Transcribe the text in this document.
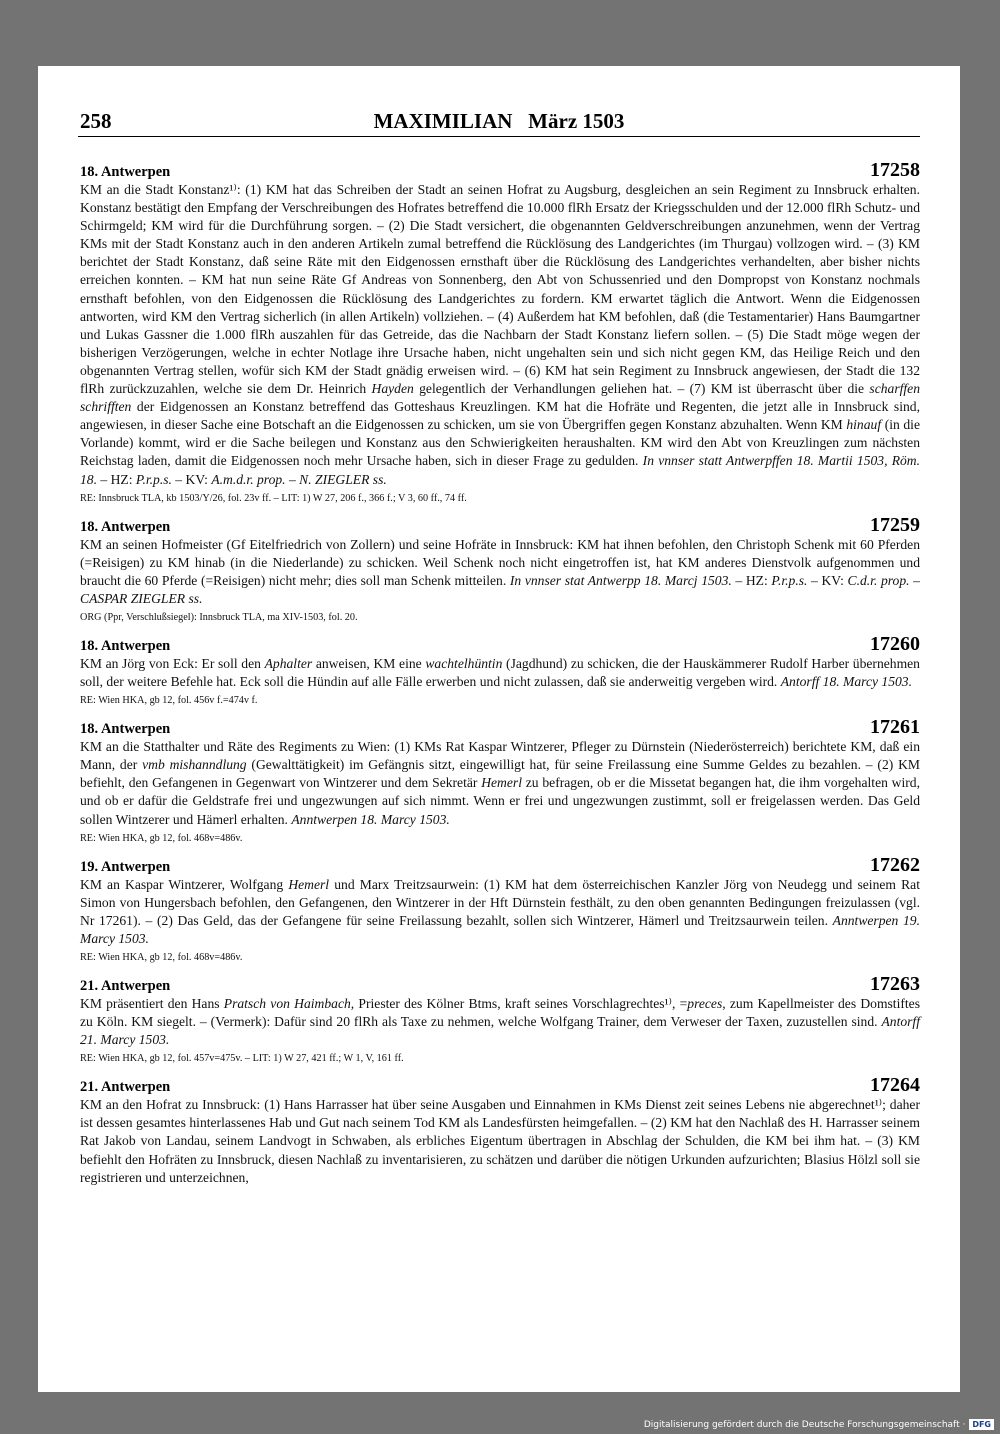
258	MAXIMILIAN   März 1503
18. Antwerpen	17258
KM an die Stadt Konstanz¹⁾: (1) KM hat das Schreiben der Stadt an seinen Hofrat zu Augsburg, desgleichen an sein Regiment zu Innsbruck erhalten. Konstanz bestätigt den Empfang der Verschreibungen des Hofrates betreffend die 10.000 flRh Ersatz der Kriegsschulden und der 12.000 flRh Schutz- und Schirmgeld; KM wird für die Durchführung sorgen. – (2) Die Stadt versichert, die obgenannten Geldverschreibungen anzunehmen, wenn der Vertrag KMs mit der Stadt Konstanz auch in den anderen Artikeln zumal betreffend die Rücklösung des Landgerichtes (im Thurgau) vollzogen wird. – (3) KM berichtet der Stadt Konstanz, daß seine Räte mit den Eidgenossen ernsthaft über die Rücklösung des Landgerichtes verhandelten, aber bisher nichts erreichen konnten. – KM hat nun seine Räte Gf Andreas von Sonnenberg, den Abt von Schussenried und den Dompropst von Konstanz nochmals ernsthaft befohlen, von den Eidgenossen die Rücklösung des Landgerichtes zu fordern. KM erwartet täglich die Antwort. Wenn die Eidgenossen antworten, wird KM den Vertrag sicherlich (in allen Artikeln) vollziehen. – (4) Außerdem hat KM befohlen, daß (die Testamentarier) Hans Baumgartner und Lukas Gassner die 1.000 flRh auszahlen für das Getreide, das die Nachbarn der Stadt Konstanz liefern sollen. – (5) Die Stadt möge wegen der bisherigen Verzögerungen, welche in echter Notlage ihre Ursache haben, nicht ungehalten sein und sich nicht gegen KM, das Heilige Reich und den obgenannten Vertrag stellen, wofür sich KM der Stadt gnädig erweisen wird. – (6) KM hat sein Regiment zu Innsbruck angewiesen, der Stadt die 132 flRh zurückzuzahlen, welche sie dem Dr. Heinrich Hayden gelegentlich der Verhandlungen geliehen hat. – (7) KM ist überrascht über die scharffen schrifften der Eidgenossen an Konstanz betreffend das Gotteshaus Kreuzlingen. KM hat die Hofräte und Regenten, die jetzt alle in Innsbruck sind, angewiesen, in dieser Sache eine Botschaft an die Eidgenossen zu schicken, um sie von Übergriffen gegen Konstanz abzuhalten. Wenn KM hinauf (in die Vorlande) kommt, wird er die Sache beilegen und Konstanz aus den Schwierigkeiten heraushalten. KM wird den Abt von Kreuzlingen zum nächsten Reichstag laden, damit die Eidgenossen noch mehr Ursache haben, sich in dieser Frage zu gedulden. In vnnser statt Antwerpffen 18. Martii 1503, Röm. 18. – HZ: P.r.p.s. – KV: A.m.d.r. prop. – N. ZIEGLER ss.
RE: Innsbruck TLA, kb 1503/Y/26, fol. 23v ff. – LIT: 1) W 27, 206 f., 366 f.; V 3, 60 ff., 74 ff.
18. Antwerpen	17259
KM an seinen Hofmeister (Gf Eitelfriedrich von Zollern) und seine Hofräte in Innsbruck: KM hat ihnen befohlen, den Christoph Schenk mit 60 Pferden (=Reisigen) zu KM hinab (in die Niederlande) zu schicken. Weil Schenk noch nicht eingetroffen ist, hat KM anderes Dienstvolk aufgenommen und braucht die 60 Pferde (=Reisigen) nicht mehr; dies soll man Schenk mitteilen. In vnnser stat Antwerpp 18. Marcj 1503. – HZ: P.r.p.s. – KV: C.d.r. prop. – CASPAR ZIEGLER ss.
ORG (Ppr, Verschlußsiegel): Innsbruck TLA, ma XIV-1503, fol. 20.
18. Antwerpen	17260
KM an Jörg von Eck: Er soll den Aphalter anweisen, KM eine wachtelhüntin (Jagdhund) zu schicken, die der Hauskämmerer Rudolf Harber übernehmen soll, der weitere Befehle hat. Eck soll die Hündin auf alle Fälle erwerben und nicht zulassen, daß sie anderweitig vergeben wird. Antorff 18. Marcy 1503.
RE: Wien HKA, gb 12, fol. 456v f.=474v f.
18. Antwerpen	17261
KM an die Statthalter und Räte des Regiments zu Wien: (1) KMs Rat Kaspar Wintzerer, Pfleger zu Dürnstein (Niederösterreich) berichtete KM, daß ein Mann, der vmb mishanndlung (Gewalttätigkeit) im Gefängnis sitzt, eingewilligt hat, für seine Freilassung eine Summe Geldes zu bezahlen. – (2) KM befiehlt, den Gefangenen in Gegenwart von Wintzerer und dem Sekretär Hemerl zu befragen, ob er die Missetat begangen hat, die ihm vorgehalten wird, und ob er dafür die Geldstrafe frei und ungezwungen auf sich nimmt. Wenn er frei und ungezwungen zustimmt, soll er freigelassen werden. Das Geld sollen Wintzerer und Hämerl erhalten. Anntwerpen 18. Marcy 1503.
RE: Wien HKA, gb 12, fol. 468v=486v.
19. Antwerpen	17262
KM an Kaspar Wintzerer, Wolfgang Hemerl und Marx Treitzsaurwein: (1) KM hat dem österreichischen Kanzler Jörg von Neudegg und seinem Rat Simon von Hungersbach befohlen, den Gefangenen, den Wintzerer in der Hft Dürnstein festhält, zu den oben genannten Bedingungen freizulassen (vgl. Nr 17261). – (2) Das Geld, das der Gefangene für seine Freilassung bezahlt, sollen sich Wintzerer, Hämerl und Treitzsaurwein teilen. Anntwerpen 19. Marcy 1503.
RE: Wien HKA, gb 12, fol. 468v=486v.
21. Antwerpen	17263
KM präsentiert den Hans Pratsch von Haimbach, Priester des Kölner Btms, kraft seines Vorschlagrechtes¹⁾, =preces, zum Kapellmeister des Domstiftes zu Köln. KM siegelt. – (Vermerk): Dafür sind 20 flRh als Taxe zu nehmen, welche Wolfgang Trainer, dem Verweser der Taxen, zuzustellen sind. Antorff 21. Marcy 1503.
RE: Wien HKA, gb 12, fol. 457v=475v. – LIT: 1) W 27, 421 ff.; W 1, V, 161 ff.
21. Antwerpen	17264
KM an den Hofrat zu Innsbruck: (1) Hans Harrasser hat über seine Ausgaben und Einnahmen in KMs Dienst zeit seines Lebens nie abgerechnet¹⁾; daher ist dessen gesamtes hinterlassenes Hab und Gut nach seinem Tod KM als Landesfürsten heimgefallen. – (2) KM hat den Nachlaß des H. Harrasser seinem Rat Jakob von Landau, seinem Landvogt in Schwaben, als erbliches Eigentum übertragen in Abschlag der Schulden, die KM bei ihm hat. – (3) KM befiehlt den Hofräten zu Innsbruck, diesen Nachlaß zu inventarisieren, zu schätzen und darüber die nötigen Urkunden aufzurichten; Blasius Hölzl soll sie registrieren und unterzeichnen,
Digitalisierung gefördert durch die Deutsche Forschungsgemeinschaft · DFG
